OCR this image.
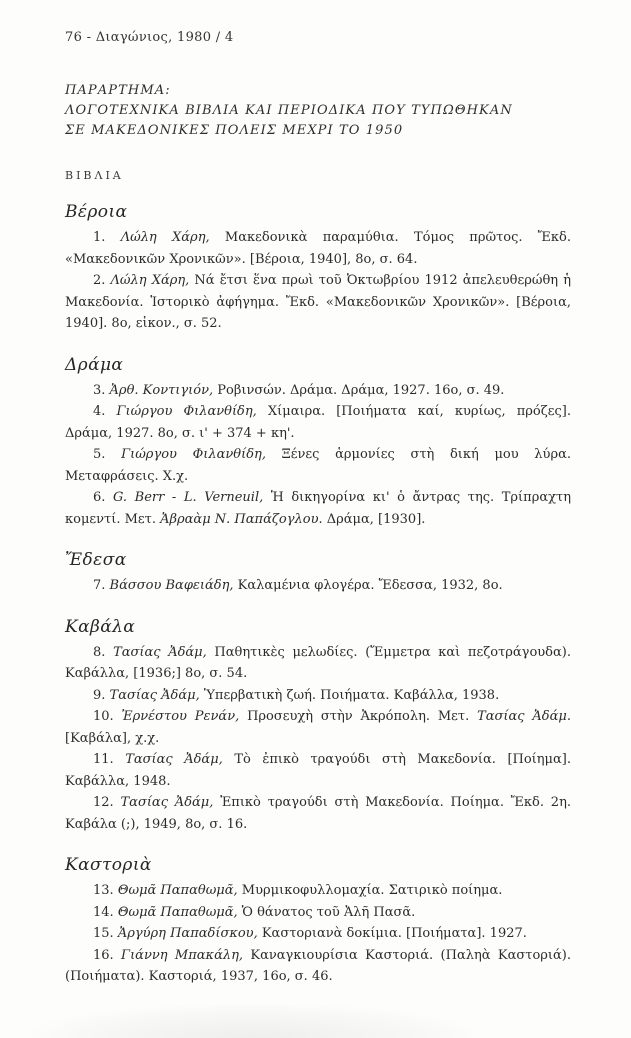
76 - Διαγώνιος, 1980 / 4
ΠΑΡΑΡΤΗΜΑ:
ΛΟΓΟΤΕΧΝΙΚΑ ΒΙΒΛΙΑ ΚΑΙ ΠΕΡΙΟΔΙΚΑ ΠΟΥ ΤΥΠΩΘΗΚΑΝ
ΣΕ ΜΑΚΕΔΟΝΙΚΕΣ ΠΟΛΕΙΣ ΜΕΧΡΙ ΤΟ 1950
ΒΙΒΛΙΑ
Βέροια

1. Λώλη Χάρη, Μακεδονικὰ παραμύθια. Τόμος πρῶτος. Ἔκδ. «Μακεδονικῶν Χρονικῶν». [Βέροια, 1940], 8ο, σ. 64.

2. Λώλη Χάρη, Νά ἔτσι ἕνα πρωὶ τοῦ Ὀκτωβρίου 1912 ἀπελευθερώθη ἡ Μακεδονία. Ἱστορικὸ ἀφήγημα. Ἔκδ. «Μακεδονικῶν Χρονικῶν». [Βέροια, 1940]. 8ο, εἰκον., σ. 52.

Δράμα

3. Ἀρθ. Κοντιγιόν, Ροβινσών. Δράμα. Δράμα, 1927. 16ο, σ. 49.

4. Γιώργου Φιλανθίδη, Χίμαιρα. [Ποιήματα καί, κυρίως, πρόζες]. Δράμα, 1927. 8ο, σ. ι' + 374 + κη'.

5. Γιώργου Φιλανθίδη, Ξένες ἁρμονίες στὴ δική μου λύρα. Μεταφράσεις. Χ.χ.

6. G. Berr - L. Verneuil, Ἡ δικηγορίνα κι' ὁ ἄντρας της. Τρίπραχτη κομεντί. Μετ. Ἀβραὰμ Ν. Παπάζογλου. Δράμα, [1930].

Ἔδεσα

7. Βάσσου Βαφειάδη, Καλαμένια φλογέρα. Ἔδεσσα, 1932, 8ο.

Καβάλα

8. Τασίας Ἀδάμ, Παθητικὲς μελωδίες. (Ἔμμετρα καὶ πεζοτράγουδα). Καβάλλα, [1936;] 8ο, σ. 54.

9. Τασίας Ἀδάμ, Ὑπερβατικὴ ζωή. Ποιήματα. Καβάλλα, 1938.

10. Ἐρνέστου Ρενάν, Προσευχὴ στὴν Ἀκρόπολη. Μετ. Τασίας Ἀδάμ. [Καβάλα], χ.χ.

11. Τασίας Ἀδάμ, Τὸ ἐπικὸ τραγούδι στὴ Μακεδονία. [Ποίημα]. Καβάλλα, 1948.

12. Τασίας Ἀδάμ, Ἐπικὸ τραγούδι στὴ Μακεδονία. Ποίημα. Ἔκδ. 2η. Καβάλα (;), 1949, 8ο, σ. 16.

Καστοριὰ

13. Θωμᾶ Παπαθωμᾶ, Μυρμικοφυλλομαχία. Σατιρικὸ ποίημα.

14. Θωμᾶ Παπαθωμᾶ, Ὁ θάνατος τοῦ Ἀλῆ Πασᾶ.

15. Ἀργύρη Παπαδίσκου, Καστοριανὰ δοκίμια. [Ποιήματα]. 1927.

16. Γιάννη Μπακάλη, Καναγκιουρίσια Καστοριά. (Παληὰ Καστοριά). (Ποιήματα). Καστοριά, 1937, 16ο, σ. 46.
